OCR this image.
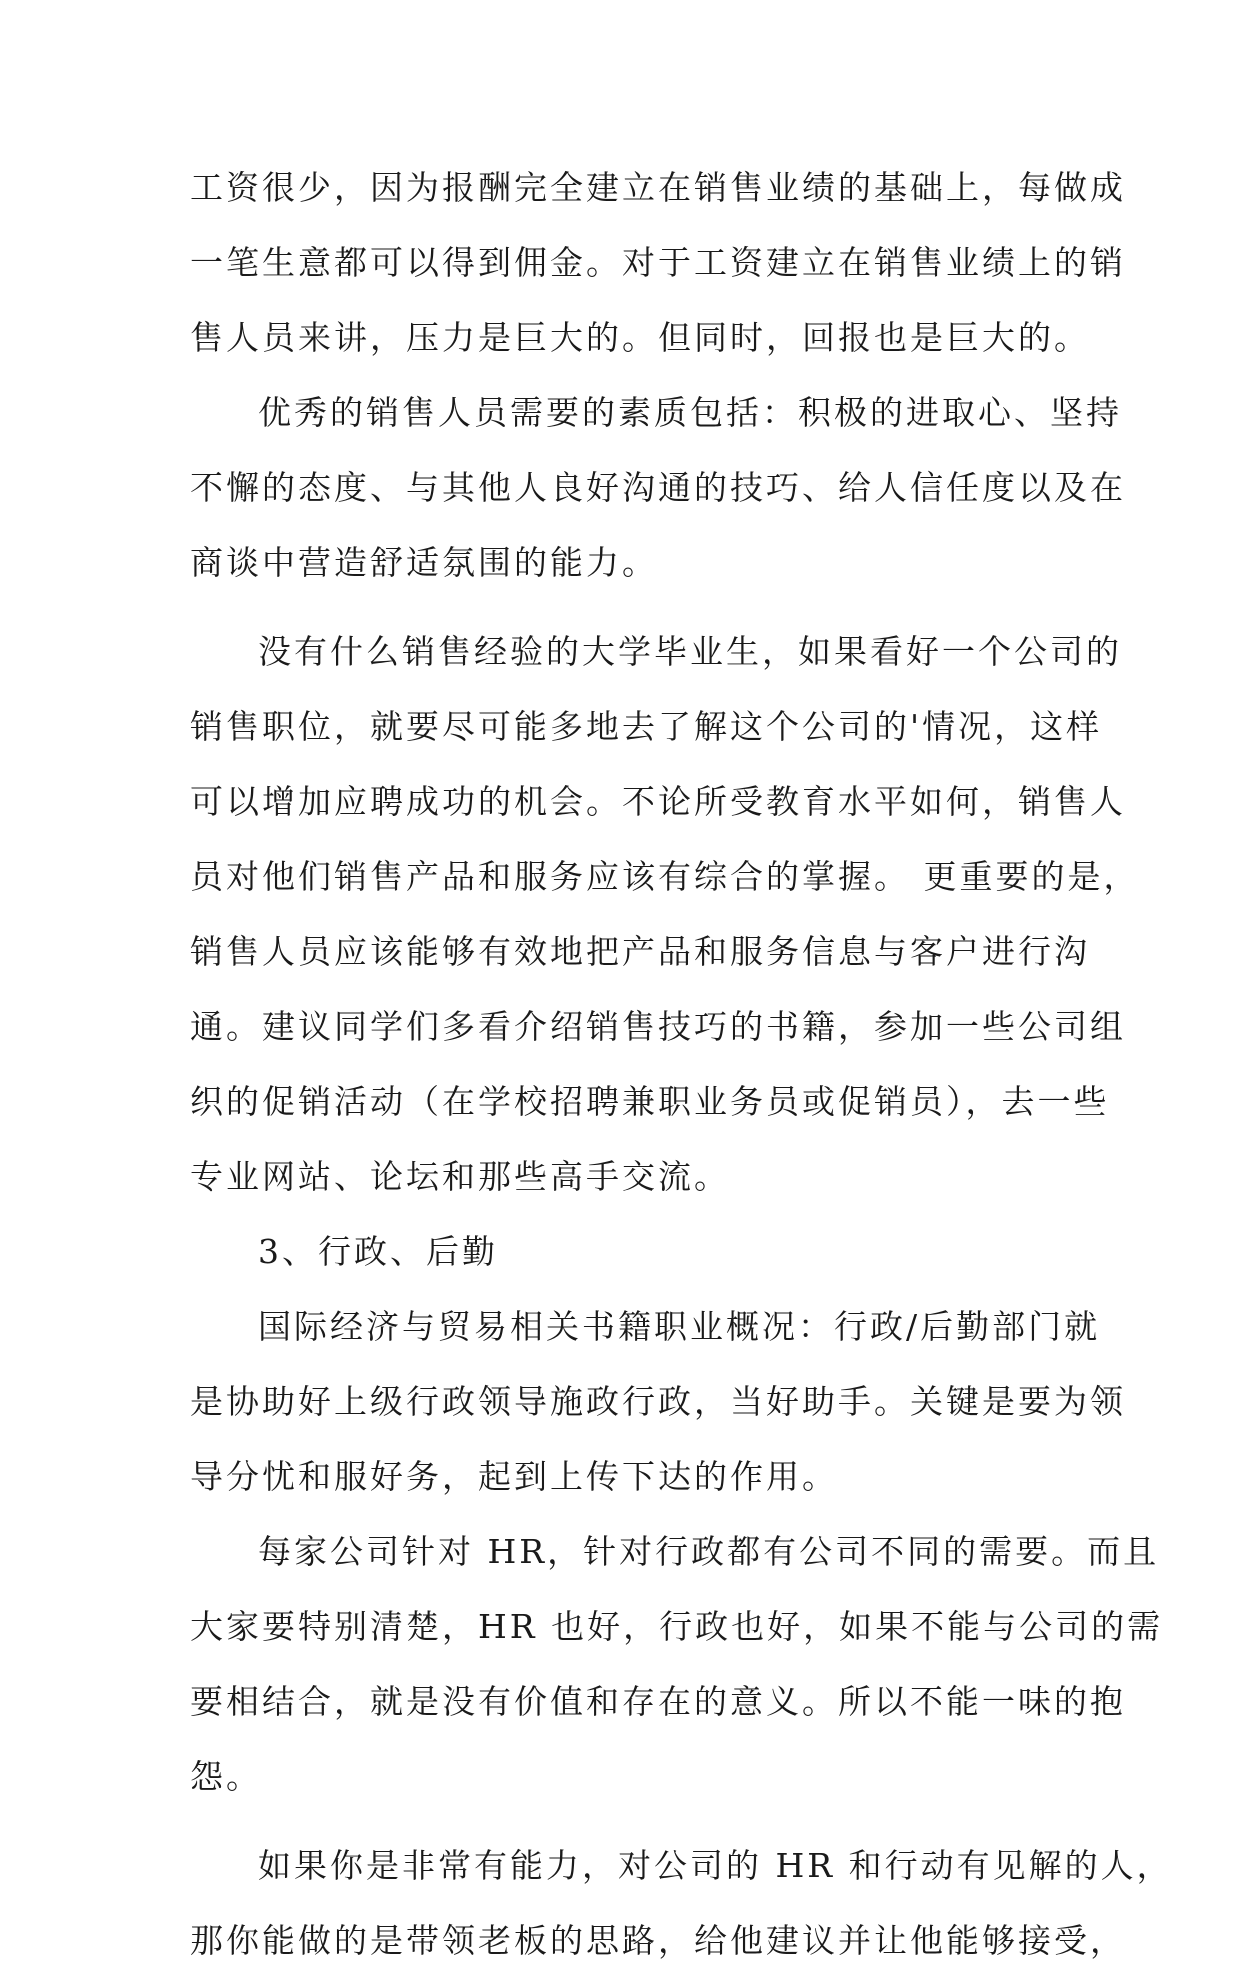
工资很少，因为报酬完全建立在销售业绩的基础上，每做成
一笔生意都可以得到佣金。对于工资建立在销售业绩上的销
售人员来讲，压力是巨大的。但同时，回报也是巨大的。
优秀的销售人员需要的素质包括：积极的进取心、坚持
不懈的态度、与其他人良好沟通的技巧、给人信任度以及在
商谈中营造舒适氛围的能力。
没有什么销售经验的大学毕业生，如果看好一个公司的
销售职位，就要尽可能多地去了解这个公司的'情况，这样
可以增加应聘成功的机会。不论所受教育水平如何，销售人
员对他们销售产品和服务应该有综合的掌握。 更重要的是，
销售人员应该能够有效地把产品和服务信息与客户进行沟
通。建议同学们多看介绍销售技巧的书籍，参加一些公司组
织的促销活动（在学校招聘兼职业务员或促销员），去一些
专业网站、论坛和那些高手交流。
3、行政、后勤
国际经济与贸易相关书籍职业概况：行政/后勤部门就
是协助好上级行政领导施政行政，当好助手。关键是要为领
导分忧和服好务，起到上传下达的作用。
每家公司针对 HR，针对行政都有公司不同的需要。而且
大家要特别清楚，HR 也好，行政也好，如果不能与公司的需
要相结合，就是没有价值和存在的意义。所以不能一味的抱
怨。
如果你是非常有能力，对公司的 HR 和行动有见解的人，
那你能做的是带领老板的思路，给他建议并让他能够接受，
